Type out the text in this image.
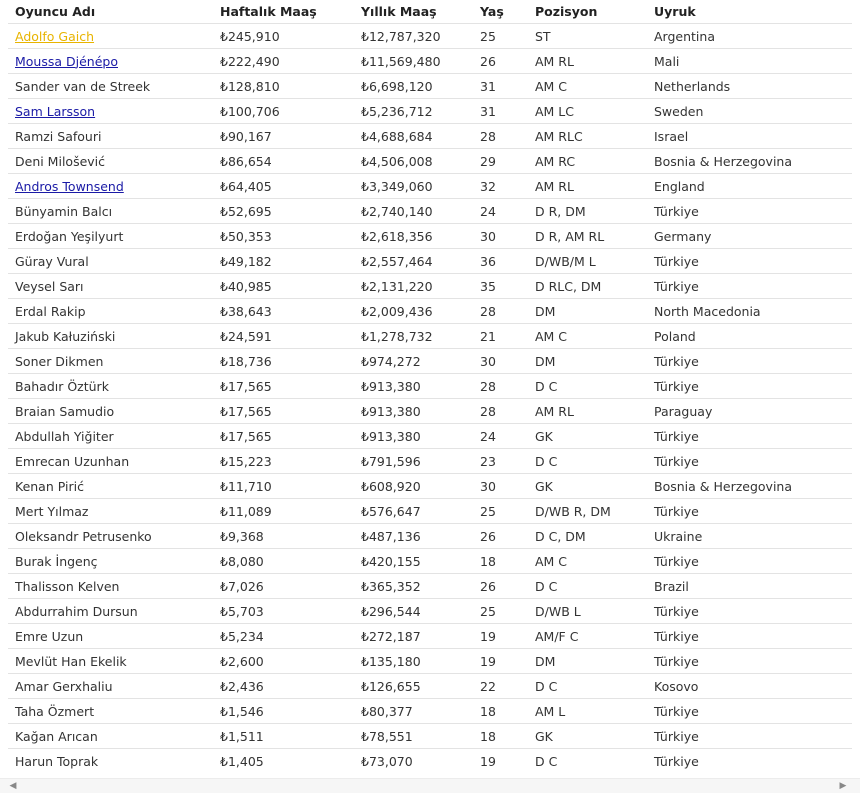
Oyuncu Adı	Haftalık Maaş	Yıllık Maaş	Yaş	Pozisyon	Uyruk
Adolfo Gaich	₺245,910	₺12,787,320	25	ST	Argentina
Moussa Djénépo	₺222,490	₺11,569,480	26	AM RL	Mali
Sander van de Streek	₺128,810	₺6,698,120	31	AM C	Netherlands
Sam Larsson	₺100,706	₺5,236,712	31	AM LC	Sweden
Ramzi Safouri	₺90,167	₺4,688,684	28	AM RLC	Israel
Deni Milošević	₺86,654	₺4,506,008	29	AM RC	Bosnia & Herzegovina
Andros Townsend	₺64,405	₺3,349,060	32	AM RL	England
Bünyamin Balcı	₺52,695	₺2,740,140	24	D R, DM	Türkiye
Erdoğan Yeşilyurt	₺50,353	₺2,618,356	30	D R, AM RL	Germany
Güray Vural	₺49,182	₺2,557,464	36	D/WB/M L	Türkiye
Veysel Sarı	₺40,985	₺2,131,220	35	D RLC, DM	Türkiye
Erdal Rakip	₺38,643	₺2,009,436	28	DM	North Macedonia
Jakub Kałuziński	₺24,591	₺1,278,732	21	AM C	Poland
Soner Dikmen	₺18,736	₺974,272	30	DM	Türkiye
Bahadır Öztürk	₺17,565	₺913,380	28	D C	Türkiye
Braian Samudio	₺17,565	₺913,380	28	AM RL	Paraguay
Abdullah Yiğiter	₺17,565	₺913,380	24	GK	Türkiye
Emrecan Uzunhan	₺15,223	₺791,596	23	D C	Türkiye
Kenan Pirić	₺11,710	₺608,920	30	GK	Bosnia & Herzegovina
Mert Yılmaz	₺11,089	₺576,647	25	D/WB R, DM	Türkiye
Oleksandr Petrusenko	₺9,368	₺487,136	26	D C, DM	Ukraine
Burak İngenç	₺8,080	₺420,155	18	AM C	Türkiye
Thalisson Kelven	₺7,026	₺365,352	26	D C	Brazil
Abdurrahim Dursun	₺5,703	₺296,544	25	D/WB L	Türkiye
Emre Uzun	₺5,234	₺272,187	19	AM/F C	Türkiye
Mevlüt Han Ekelik	₺2,600	₺135,180	19	DM	Türkiye
Amar Gerxhaliu	₺2,436	₺126,655	22	D C	Kosovo
Taha Özmert	₺1,546	₺80,377	18	AM L	Türkiye
Kağan Arıcan	₺1,511	₺78,551	18	GK	Türkiye
Harun Toprak	₺1,405	₺73,070	19	D C	Türkiye
◀	▶
